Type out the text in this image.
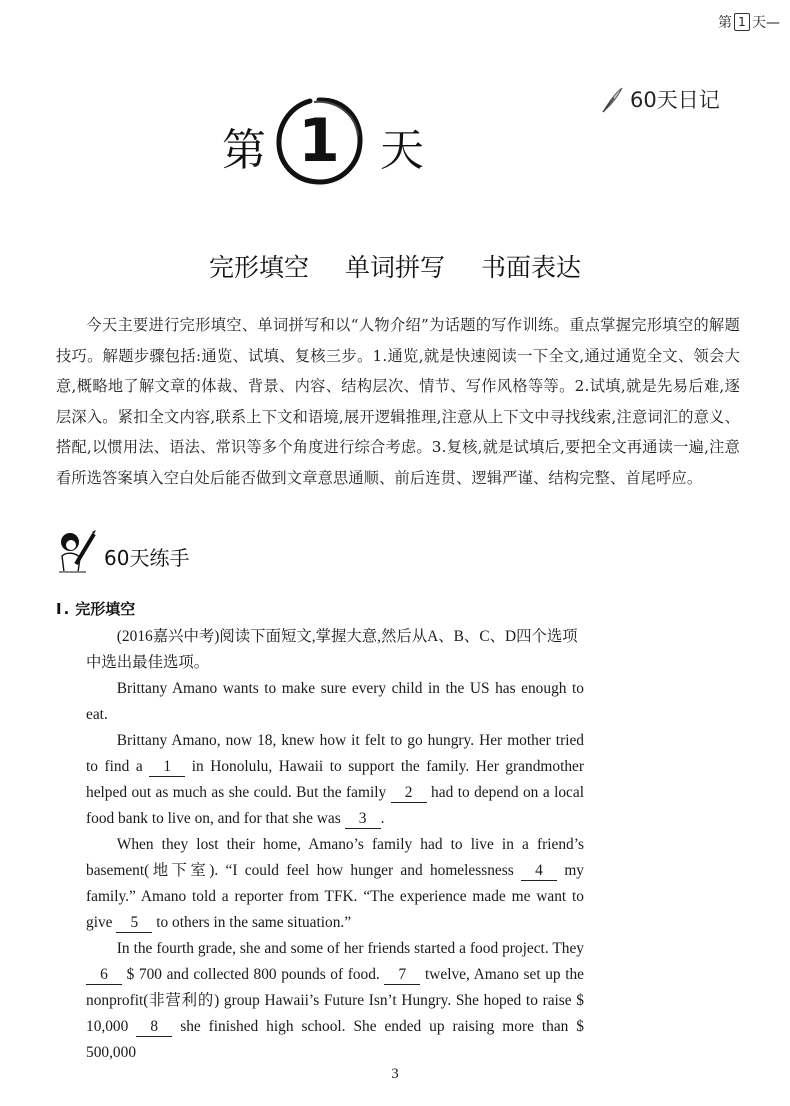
第 1 天—
60天日记
第 1 天
完形填空 单词拼写 书面表达
今天主要进行完形填空、单词拼写和以“人物介绍”为话题的写作训练。重点掌握完形填空的解题技巧。解题步骤包括:通览、试填、复核三步。1.通览,就是快速阅读一下全文,通过通览全文、领会大意,概略地了解文章的体裁、背景、内容、结构层次、情节、写作风格等等。2.试填,就是先易后难,逐层深入。紧扣全文内容,联系上下文和语境,展开逻辑推理,注意从上下文中寻找线索,注意词汇的意义、搭配,以惯用法、语法、常识等多个角度进行综合考虑。3.复核,就是试填后,要把全文再通读一遍,注意看所选答案填入空白处后能否做到文章意思通顺、前后连贯、逻辑严谨、结构完整、首尾呼应。
60天练手
I . 完形填空

(2016嘉兴中考)阅读下面短文,掌握大意,然后从A、B、C、D四个选项中选出最佳选项。

Brittany Amano wants to make sure every child in the US has enough to eat.

Brittany Amano, now 18, knew how it felt to go hungry. Her mother tried to find a 1 in Honolulu, Hawaii to support the family. Her grandmother helped out as much as she could. But the family 2 had to depend on a local food bank to live on, and for that she was 3 .

When they lost their home, Amano’s family had to live in a friend’s basement(地下室). “I could feel how hunger and homelessness 4 my family.” Amano told a reporter from TFK. “The experience made me want to give 5 to others in the same situation.”

In the fourth grade, she and some of her friends started a food project. They 6 $ 700 and collected 800 pounds of food. 7 twelve, Amano set up the nonprofit(非营利的) group Hawaii’s Future Isn’t Hungry. She hoped to raise $ 10,000 8 she finished high school. She ended up raising more than $ 500,000

3
